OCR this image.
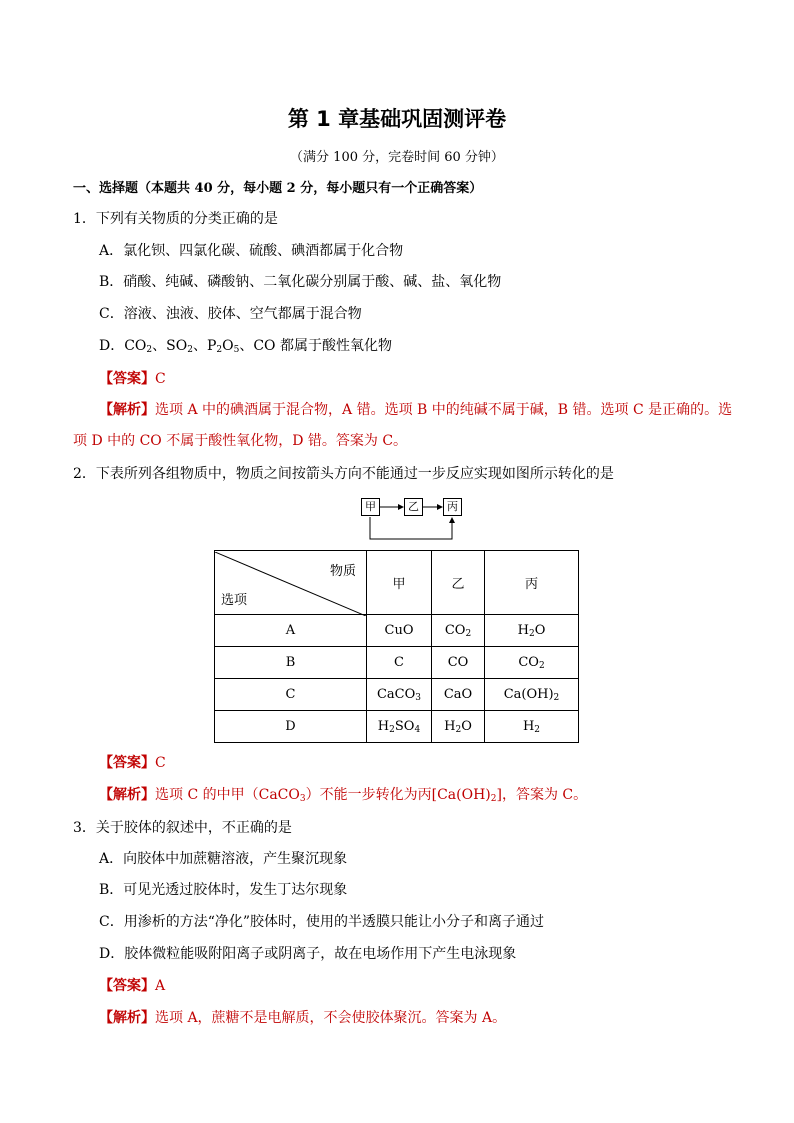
第 1 章基础巩固测评卷
（满分 100 分，完卷时间 60 分钟）
一、选择题（本题共 40 分，每小题 2 分，每小题只有一个正确答案）
1．下列有关物质的分类正确的是
A．氯化钡、四氯化碳、硫酸、碘酒都属于化合物
B．硝酸、纯碱、磷酸钠、二氧化碳分别属于酸、碱、盐、氧化物
C．溶液、浊液、胶体、空气都属于混合物
D．$CO_2$、$SO_2$、$P_2O_5$、CO 都属于酸性氧化物
【答案】C
【解析】选项 A 中的碘酒属于混合物，A 错。选项 B 中的纯碱不属于碱，B 错。选项 C 是正确的。选
项 D 中的 CO 不属于酸性氧化物，D 错。答案为 C。
2．下表所列各组物质中，物质之间按箭头方向不能通过一步反应实现如图所示转化的是
甲	乙	丙
物质
选项	甲	乙	丙
A	CuO	$CO_2$	$H_2O$
B	C	CO	$CO_2$
C	CaCO$_3$	CaO	$Ca(OH)_2$
D	$H_2SO_4$	$H_2O$	$H_2$
【答案】C
【解析】选项 C 的中甲（CaCO$_3$）不能一步转化为丙$[Ca(OH)_2]$，答案为 C。
3．关于胶体的叙述中，不正确的是
A．向胶体中加蔗糖溶液，产生聚沉现象
B．可见光透过胶体时，发生丁达尔现象
C．用渗析的方法“净化”胶体时，使用的半透膜只能让小分子和离子通过
D．胶体微粒能吸附阳离子或阴离子，故在电场作用下产生电泳现象
【答案】A
【解析】选项 A，蔗糖不是电解质，不会使胶体聚沉。答案为 A。
